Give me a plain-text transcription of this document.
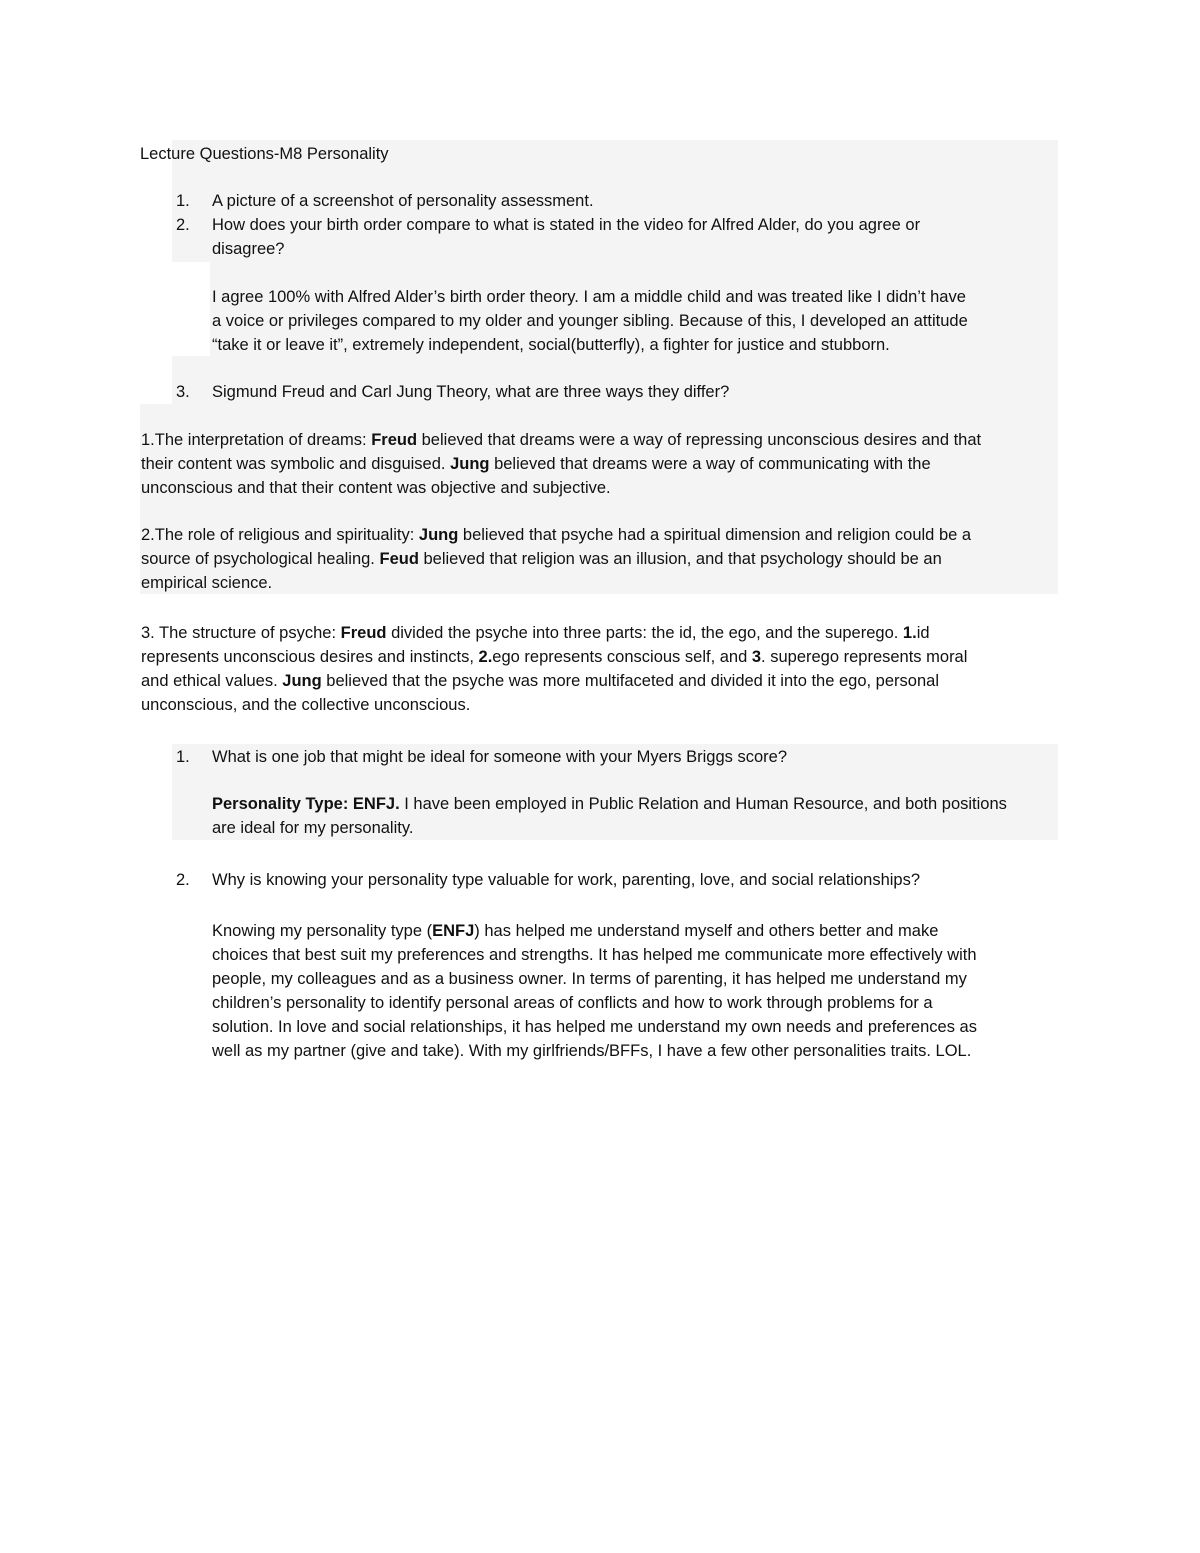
Lecture Questions-M8 Personality
1. A picture of a screenshot of personality assessment.
2. How does your birth order compare to what is stated in the video for Alfred Alder, do you agree or
disagree?
I agree 100% with Alfred Alder’s birth order theory. I am a middle child and was treated like I didn’t have
a voice or privileges compared to my older and younger sibling. Because of this, I developed an attitude
“take it or leave it”, extremely independent, social(butterfly), a fighter for justice and stubborn.
3. Sigmund Freud and Carl Jung Theory, what are three ways they differ?
1.The interpretation of dreams: Freud believed that dreams were a way of repressing unconscious desires and that
their content was symbolic and disguised. Jung believed that dreams were a way of communicating with the
unconscious and that their content was objective and subjective.
2.The role of religious and spirituality: Jung believed that psyche had a spiritual dimension and religion could be a
source of psychological healing. Feud believed that religion was an illusion, and that psychology should be an
empirical science.
3. The structure of psyche: Freud divided the psyche into three parts: the id, the ego, and the superego. 1.id
represents unconscious desires and instincts, 2.ego represents conscious self, and 3. superego represents moral
and ethical values. Jung believed that the psyche was more multifaceted and divided it into the ego, personal
unconscious, and the collective unconscious.
1. What is one job that might be ideal for someone with your Myers Briggs score?
Personality Type: ENFJ. I have been employed in Public Relation and Human Resource, and both positions
are ideal for my personality.
2. Why is knowing your personality type valuable for work, parenting, love, and social relationships?
Knowing my personality type (ENFJ) has helped me understand myself and others better and make
choices that best suit my preferences and strengths. It has helped me communicate more effectively with
people, my colleagues and as a business owner. In terms of parenting, it has helped me understand my
children’s personality to identify personal areas of conflicts and how to work through problems for a
solution. In love and social relationships, it has helped me understand my own needs and preferences as
well as my partner (give and take). With my girlfriends/BFFs, I have a few other personalities traits. LOL.
